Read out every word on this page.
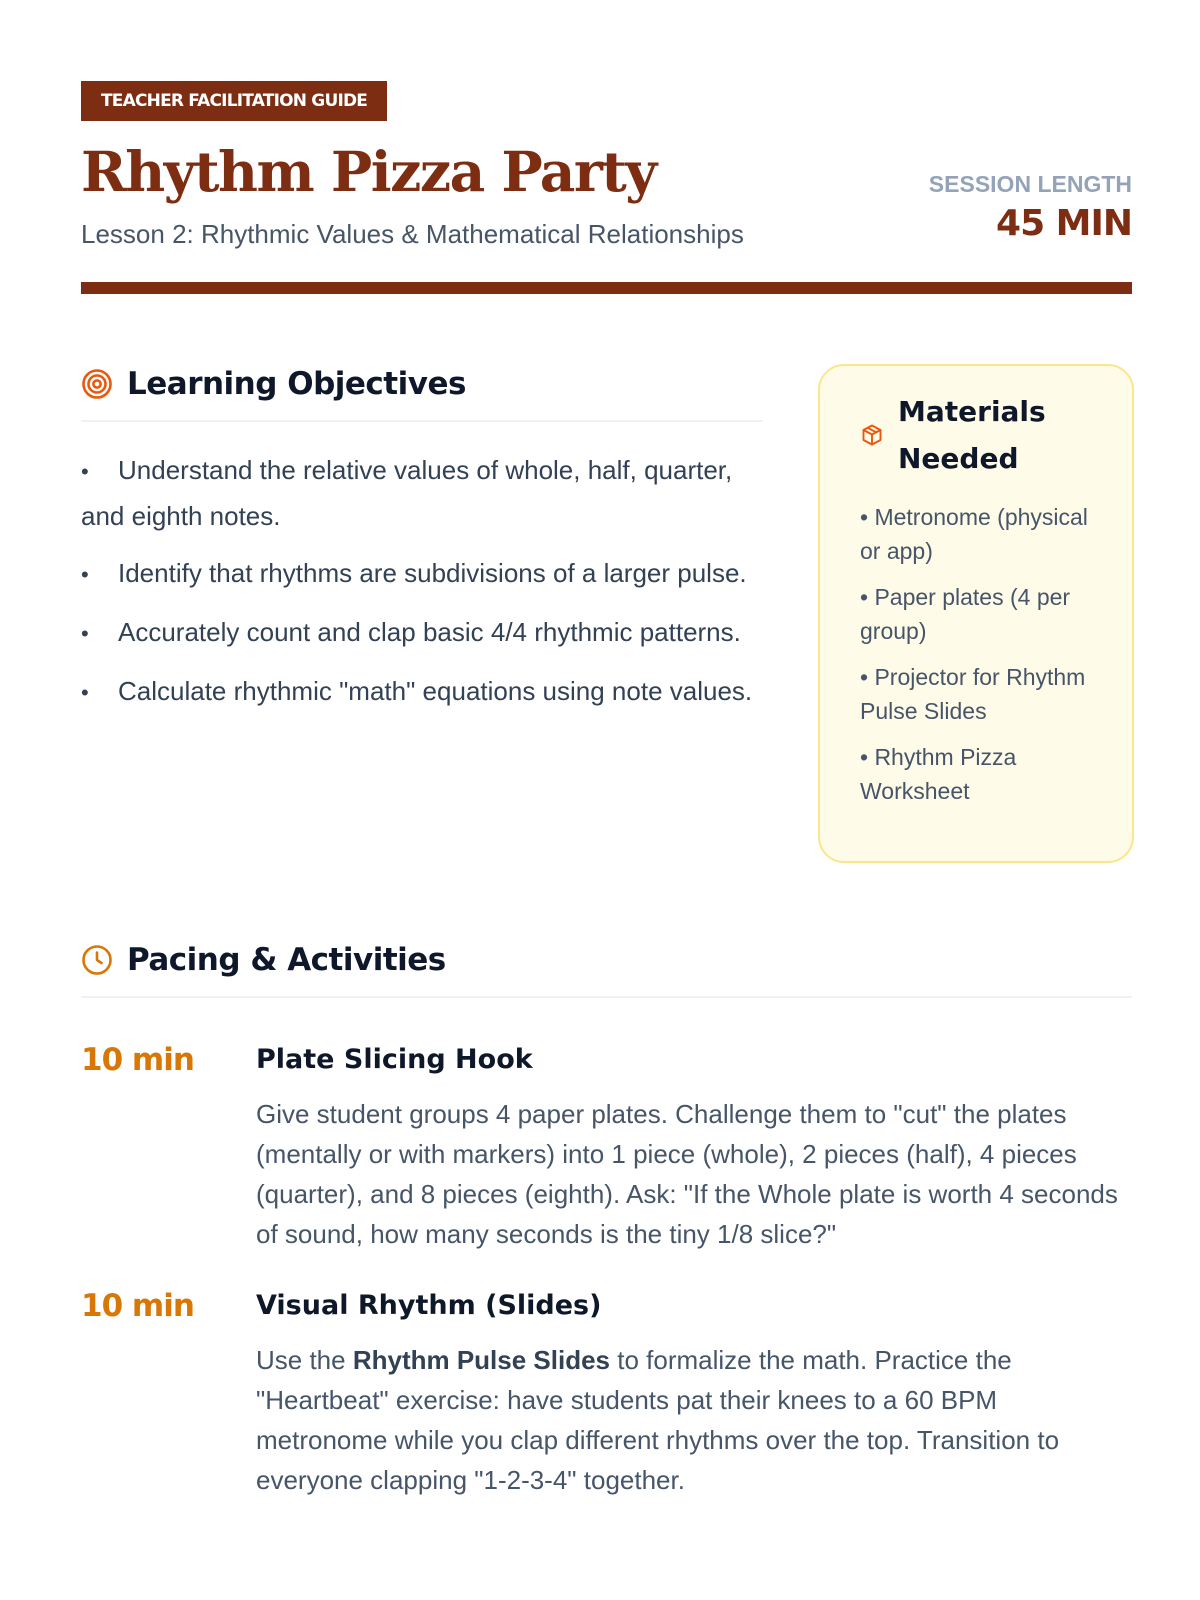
TEACHER FACILITATION GUIDE
Rhythm Pizza Party
Lesson 2: Rhythmic Values & Mathematical Relationships
SESSION LENGTH
45 MIN
Learning Objectives
• Understand the relative values of whole, half, quarter, and eighth notes.
• Identify that rhythms are subdivisions of a larger pulse.
• Accurately count and clap basic 4/4 rhythmic patterns.
• Calculate rhythmic "math" equations using note values.
Materials Needed
• Metronome (physical or app)
• Paper plates (4 per group)
• Projector for Rhythm Pulse Slides
• Rhythm Pizza Worksheet
Pacing & Activities
10 min Plate Slicing Hook
Give student groups 4 paper plates. Challenge them to "cut" the plates (mentally or with markers) into 1 piece (whole), 2 pieces (half), 4 pieces (quarter), and 8 pieces (eighth). Ask: "If the Whole plate is worth 4 seconds of sound, how many seconds is the tiny 1/8 slice?"
10 min Visual Rhythm (Slides)
Use the Rhythm Pulse Slides to formalize the math. Practice the "Heartbeat" exercise: have students pat their knees to a 60 BPM metronome while you clap different rhythms over the top. Transition to everyone clapping "1-2-3-4" together.
